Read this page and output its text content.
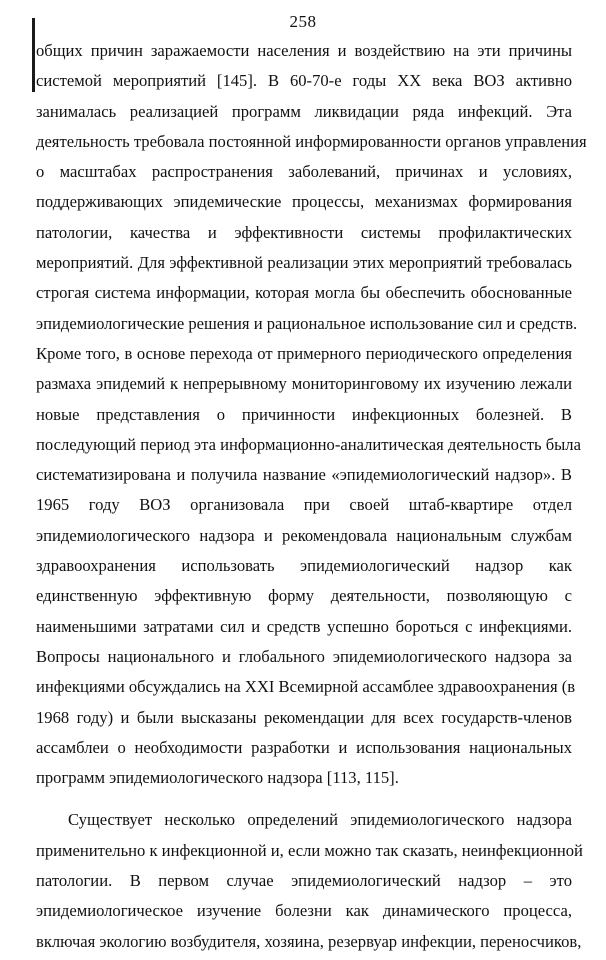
258
общих причин заражаемости населения и воздействию на эти причины
системой мероприятий [145]. В 60-70-е годы XX века ВОЗ активно
занималась реализацией программ ликвидации ряда инфекций. Эта
деятельность требовала постоянной информированности органов управления
о масштабах распространения заболеваний, причинах и условиях,
поддерживающих эпидемические процессы, механизмах формирования
патологии, качества и эффективности системы профилактических
мероприятий. Для эффективной реализации этих мероприятий требовалась
строгая система информации, которая могла бы обеспечить обоснованные
эпидемиологические решения и рациональное использование сил и средств.
Кроме того, в основе перехода от примерного периодического определения
размаха эпидемий к непрерывному мониторинговому их изучению лежали
новые представления о причинности инфекционных болезней. В
последующий период эта информационно-аналитическая деятельность была
систематизирована и получила название «эпидемиологический надзор». В
1965 году ВОЗ организовала при своей штаб-квартире отдел
эпидемиологического надзора и рекомендовала национальным службам
здравоохранения использовать эпидемиологический надзор как
единственную эффективную форму деятельности, позволяющую с
наименьшими затратами сил и средств успешно бороться с инфекциями.
Вопросы национального и глобального эпидемиологического надзора за
инфекциями обсуждались на XXI Всемирной ассамблее здравоохранения (в
1968 году) и были высказаны рекомендации для всех государств-членов
ассамблеи о необходимости разработки и использования национальных
программ эпидемиологического надзора [113, 115].
Существует несколько определений эпидемиологического надзора
применительно к инфекционной и, если можно так сказать, неинфекционной
патологии. В первом случае эпидемиологический надзор – это
эпидемиологическое изучение болезни как динамического процесса,
включая экологию возбудителя, хозяина, резервуар инфекции, переносчиков,
